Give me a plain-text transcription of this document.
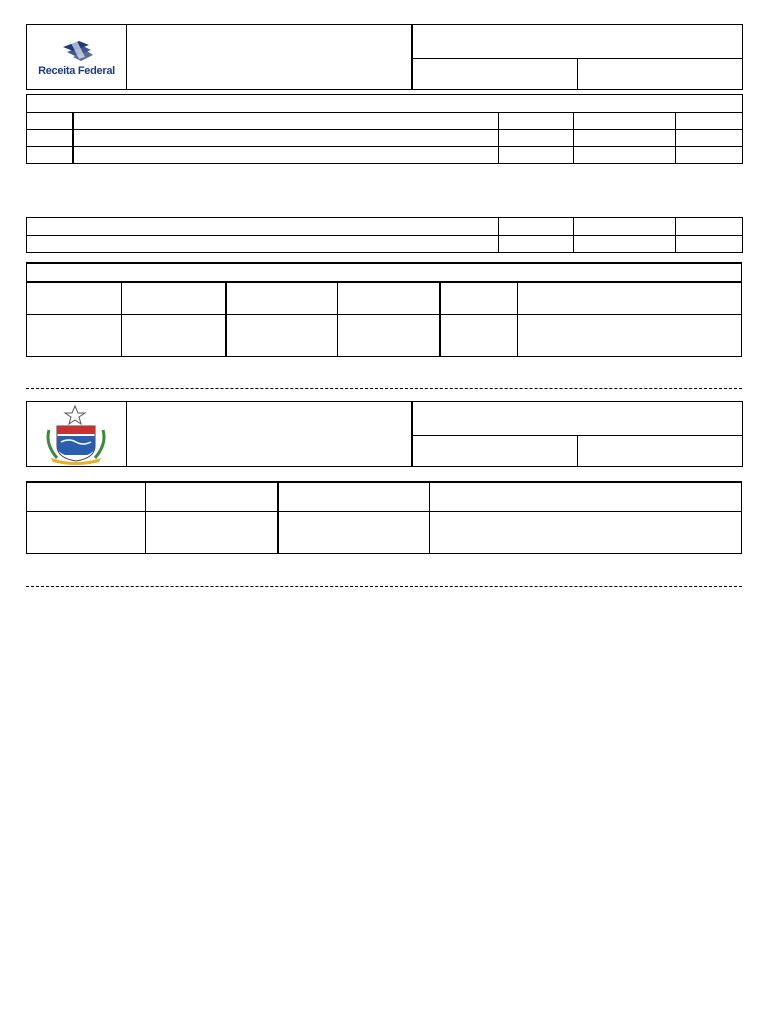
Receita Federal
